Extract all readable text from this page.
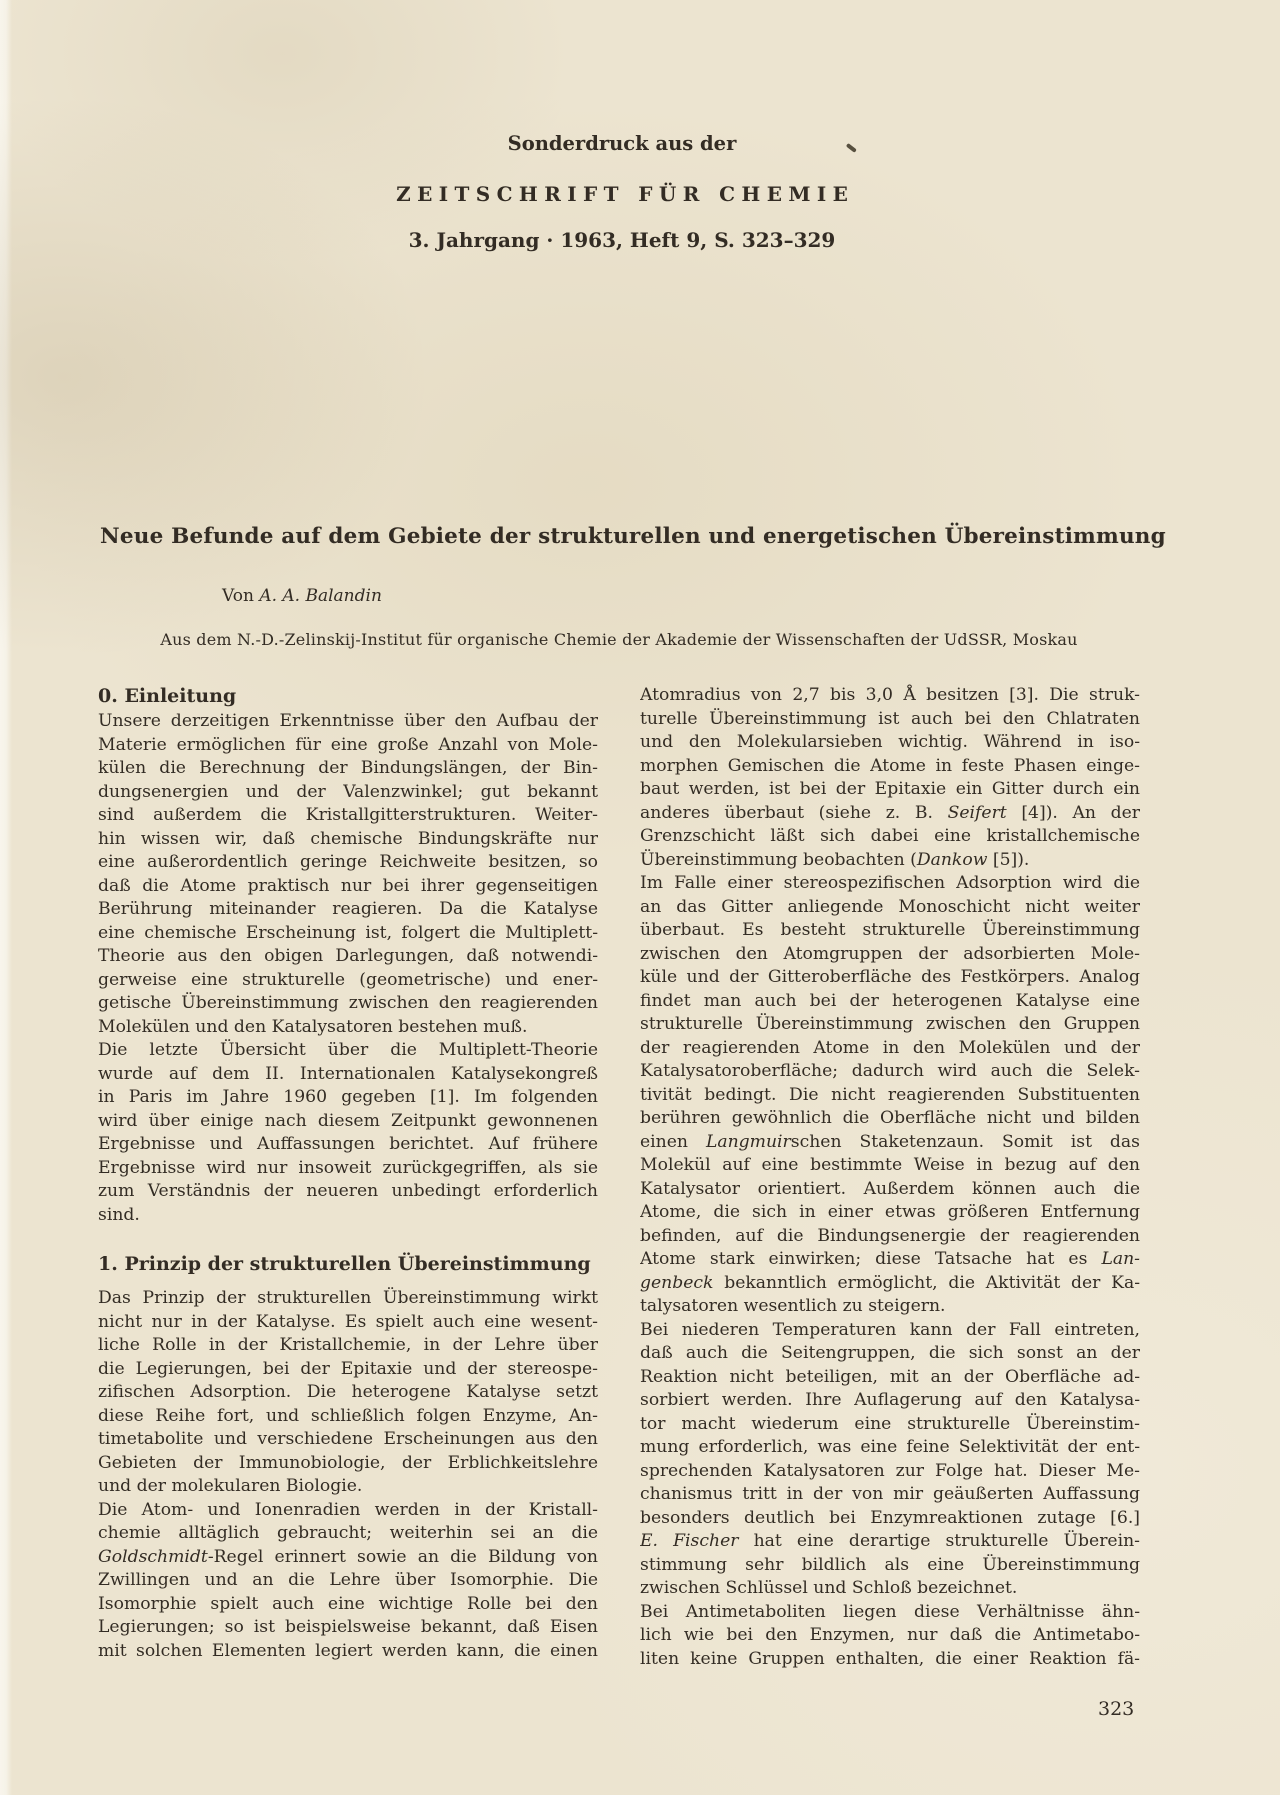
Sonderdruck aus der
ZEITSCHRIFT FÜR CHEMIE
3. Jahrgang · 1963, Heft 9, S. 323–329
Neue Befunde auf dem Gebiete der strukturellen und energetischen Übereinstimmung
Von A. A. Balandin
Aus dem N.-D.-Zelinskij-Institut für organische Chemie der Akademie der Wissenschaften der UdSSR, Moskau
0. Einleitung
Unsere derzeitigen Erkenntnisse über den Aufbau der
Materie ermöglichen für eine große Anzahl von Mole-
külen die Berechnung der Bindungslängen, der Bin-
dungsenergien und der Valenzwinkel; gut bekannt
sind außerdem die Kristallgitterstrukturen. Weiter-
hin wissen wir, daß chemische Bindungskräfte nur
eine außerordentlich geringe Reichweite besitzen, so
daß die Atome praktisch nur bei ihrer gegenseitigen
Berührung miteinander reagieren. Da die Katalyse
eine chemische Erscheinung ist, folgert die Multiplett-
Theorie aus den obigen Darlegungen, daß notwendi-
gerweise eine strukturelle (geometrische) und ener-
getische Übereinstimmung zwischen den reagierenden
Molekülen und den Katalysatoren bestehen muß.
Die letzte Übersicht über die Multiplett-Theorie
wurde auf dem II. Internationalen Katalysekongreß
in Paris im Jahre 1960 gegeben [1]. Im folgenden
wird über einige nach diesem Zeitpunkt gewonnenen
Ergebnisse und Auffassungen berichtet. Auf frühere
Ergebnisse wird nur insoweit zurückgegriffen, als sie
zum Verständnis der neueren unbedingt erforderlich
sind.
1. Prinzip der strukturellen Übereinstimmung
Das Prinzip der strukturellen Übereinstimmung wirkt
nicht nur in der Katalyse. Es spielt auch eine wesent-
liche Rolle in der Kristallchemie, in der Lehre über
die Legierungen, bei der Epitaxie und der stereospe-
zifischen Adsorption. Die heterogene Katalyse setzt
diese Reihe fort, und schließlich folgen Enzyme, An-
timetabolite und verschiedene Erscheinungen aus den
Gebieten der Immunobiologie, der Erblichkeitslehre
und der molekularen Biologie.
Die Atom- und Ionenradien werden in der Kristall-
chemie alltäglich gebraucht; weiterhin sei an die
Goldschmidt-Regel erinnert sowie an die Bildung von
Zwillingen und an die Lehre über Isomorphie. Die
Isomorphie spielt auch eine wichtige Rolle bei den
Legierungen; so ist beispielsweise bekannt, daß Eisen
mit solchen Elementen legiert werden kann, die einen
Atomradius von 2,7 bis 3,0 Å besitzen [3]. Die struk-
turelle Übereinstimmung ist auch bei den Chlatraten
und den Molekularsieben wichtig. Während in iso-
morphen Gemischen die Atome in feste Phasen einge-
baut werden, ist bei der Epitaxie ein Gitter durch ein
anderes überbaut (siehe z. B. Seifert [4]). An der
Grenzschicht läßt sich dabei eine kristallchemische
Übereinstimmung beobachten (Dankow [5]).
Im Falle einer stereospezifischen Adsorption wird die
an das Gitter anliegende Monoschicht nicht weiter
überbaut. Es besteht strukturelle Übereinstimmung
zwischen den Atomgruppen der adsorbierten Mole-
küle und der Gitteroberfläche des Festkörpers. Analog
findet man auch bei der heterogenen Katalyse eine
strukturelle Übereinstimmung zwischen den Gruppen
der reagierenden Atome in den Molekülen und der
Katalysatoroberfläche; dadurch wird auch die Selek-
tivität bedingt. Die nicht reagierenden Substituenten
berühren gewöhnlich die Oberfläche nicht und bilden
einen Langmuirschen Staketenzaun. Somit ist das
Molekül auf eine bestimmte Weise in bezug auf den
Katalysator orientiert. Außerdem können auch die
Atome, die sich in einer etwas größeren Entfernung
befinden, auf die Bindungsenergie der reagierenden
Atome stark einwirken; diese Tatsache hat es Lan-
genbeck bekanntlich ermöglicht, die Aktivität der Ka-
talysatoren wesentlich zu steigern.
Bei niederen Temperaturen kann der Fall eintreten,
daß auch die Seitengruppen, die sich sonst an der
Reaktion nicht beteiligen, mit an der Oberfläche ad-
sorbiert werden. Ihre Auflagerung auf den Katalysa-
tor macht wiederum eine strukturelle Übereinstim-
mung erforderlich, was eine feine Selektivität der ent-
sprechenden Katalysatoren zur Folge hat. Dieser Me-
chanismus tritt in der von mir geäußerten Auffassung
besonders deutlich bei Enzymreaktionen zutage [6.]
E. Fischer hat eine derartige strukturelle Überein-
stimmung sehr bildlich als eine Übereinstimmung
zwischen Schlüssel und Schloß bezeichnet.
Bei Antimetaboliten liegen diese Verhältnisse ähn-
lich wie bei den Enzymen, nur daß die Antimetabo-
liten keine Gruppen enthalten, die einer Reaktion fä-
323
